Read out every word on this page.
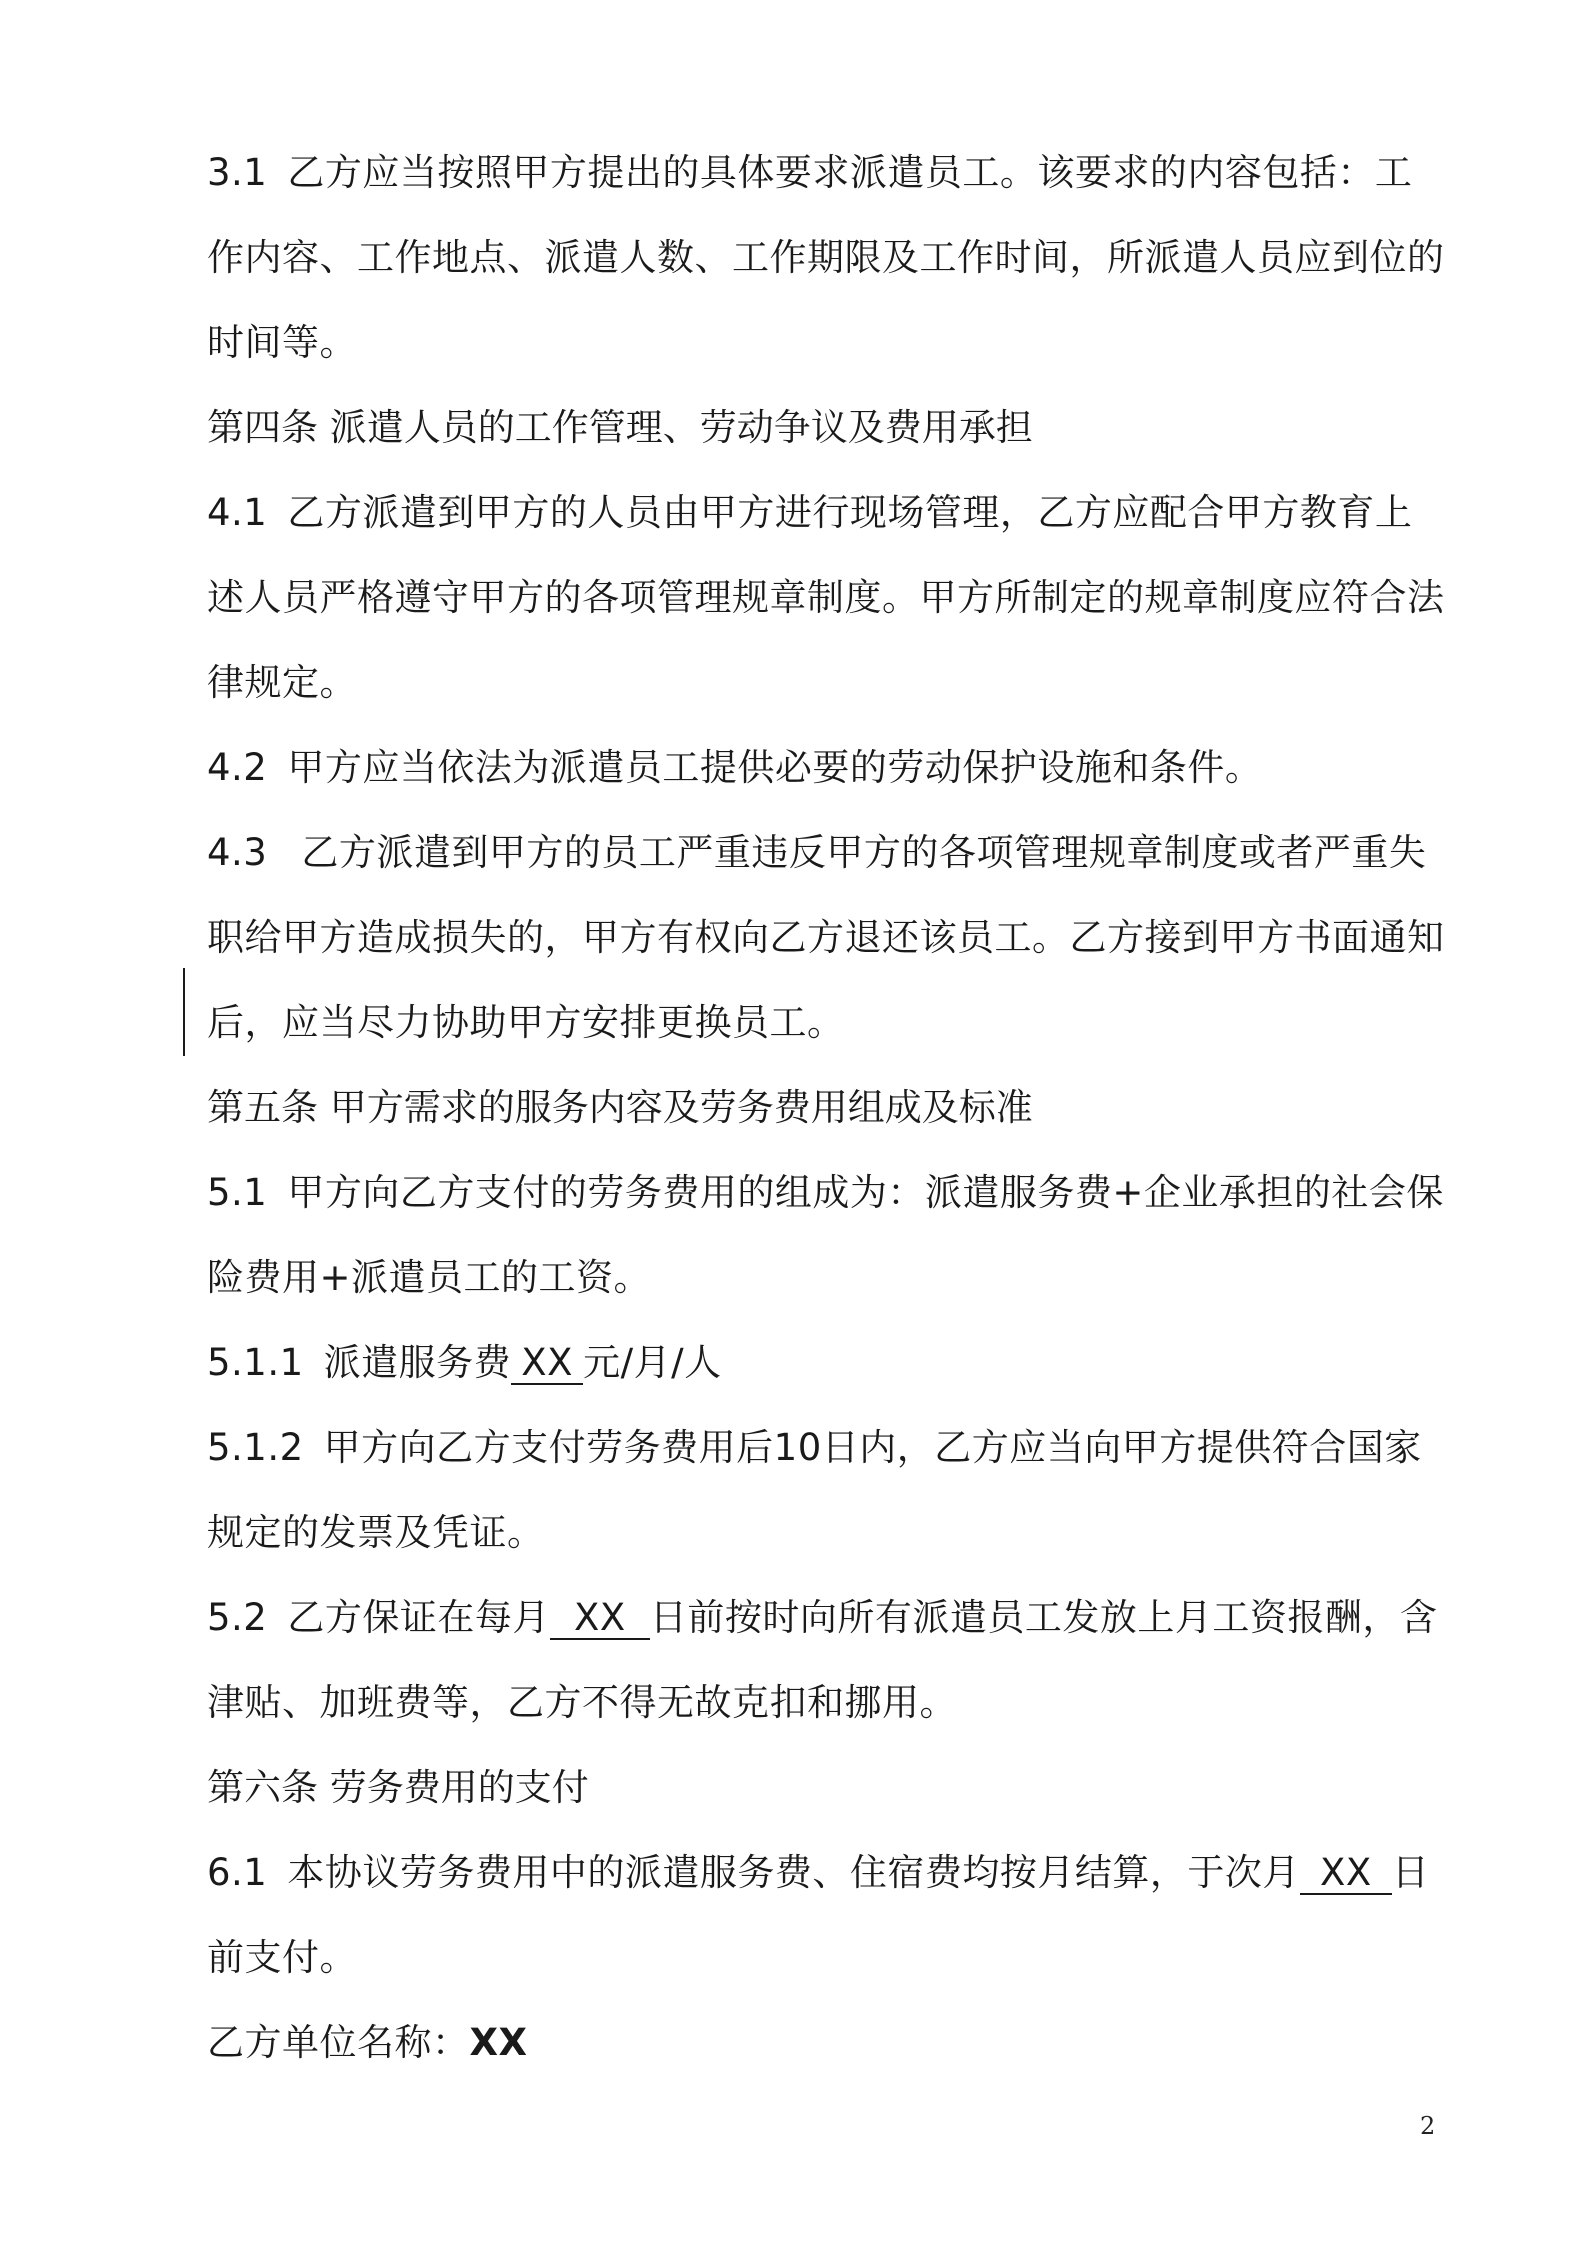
3.1 乙方应当按照甲方提出的具体要求派遣员工。该要求的内容包括：工作内容、工作地点、派遣人数、工作期限及工作时间，所派遣人员应到位的时间等。

第四条 派遣人员的工作管理、劳动争议及费用承担

4.1 乙方派遣到甲方的人员由甲方进行现场管理，乙方应配合甲方教育上述人员严格遵守甲方的各项管理规章制度。甲方所制定的规章制度应符合法律规定。

4.2 甲方应当依法为派遣员工提供必要的劳动保护设施和条件。

4.3 乙方派遣到甲方的员工严重违反甲方的各项管理规章制度或者严重失职给甲方造成损失的，甲方有权向乙方退还该员工。乙方接到甲方书面通知后，应当尽力协助甲方安排更换员工。

第五条 甲方需求的服务内容及劳务费用组成及标准

5.1 甲方向乙方支付的劳务费用的组成为：派遣服务费+企业承担的社会保险费用+派遣员工的工资。

5.1.1 派遣服务费 XX 元/月/人

5.1.2 甲方向乙方支付劳务费用后10日内，乙方应当向甲方提供符合国家规定的发票及凭证。

5.2 乙方保证在每月 XX 日前按时向所有派遣员工发放上月工资报酬，含津贴、加班费等，乙方不得无故克扣和挪用。

第六条 劳务费用的支付

6.1 本协议劳务费用中的派遣服务费、住宿费均按月结算，于次月 XX 日前支付。

乙方单位名称：XX

2
